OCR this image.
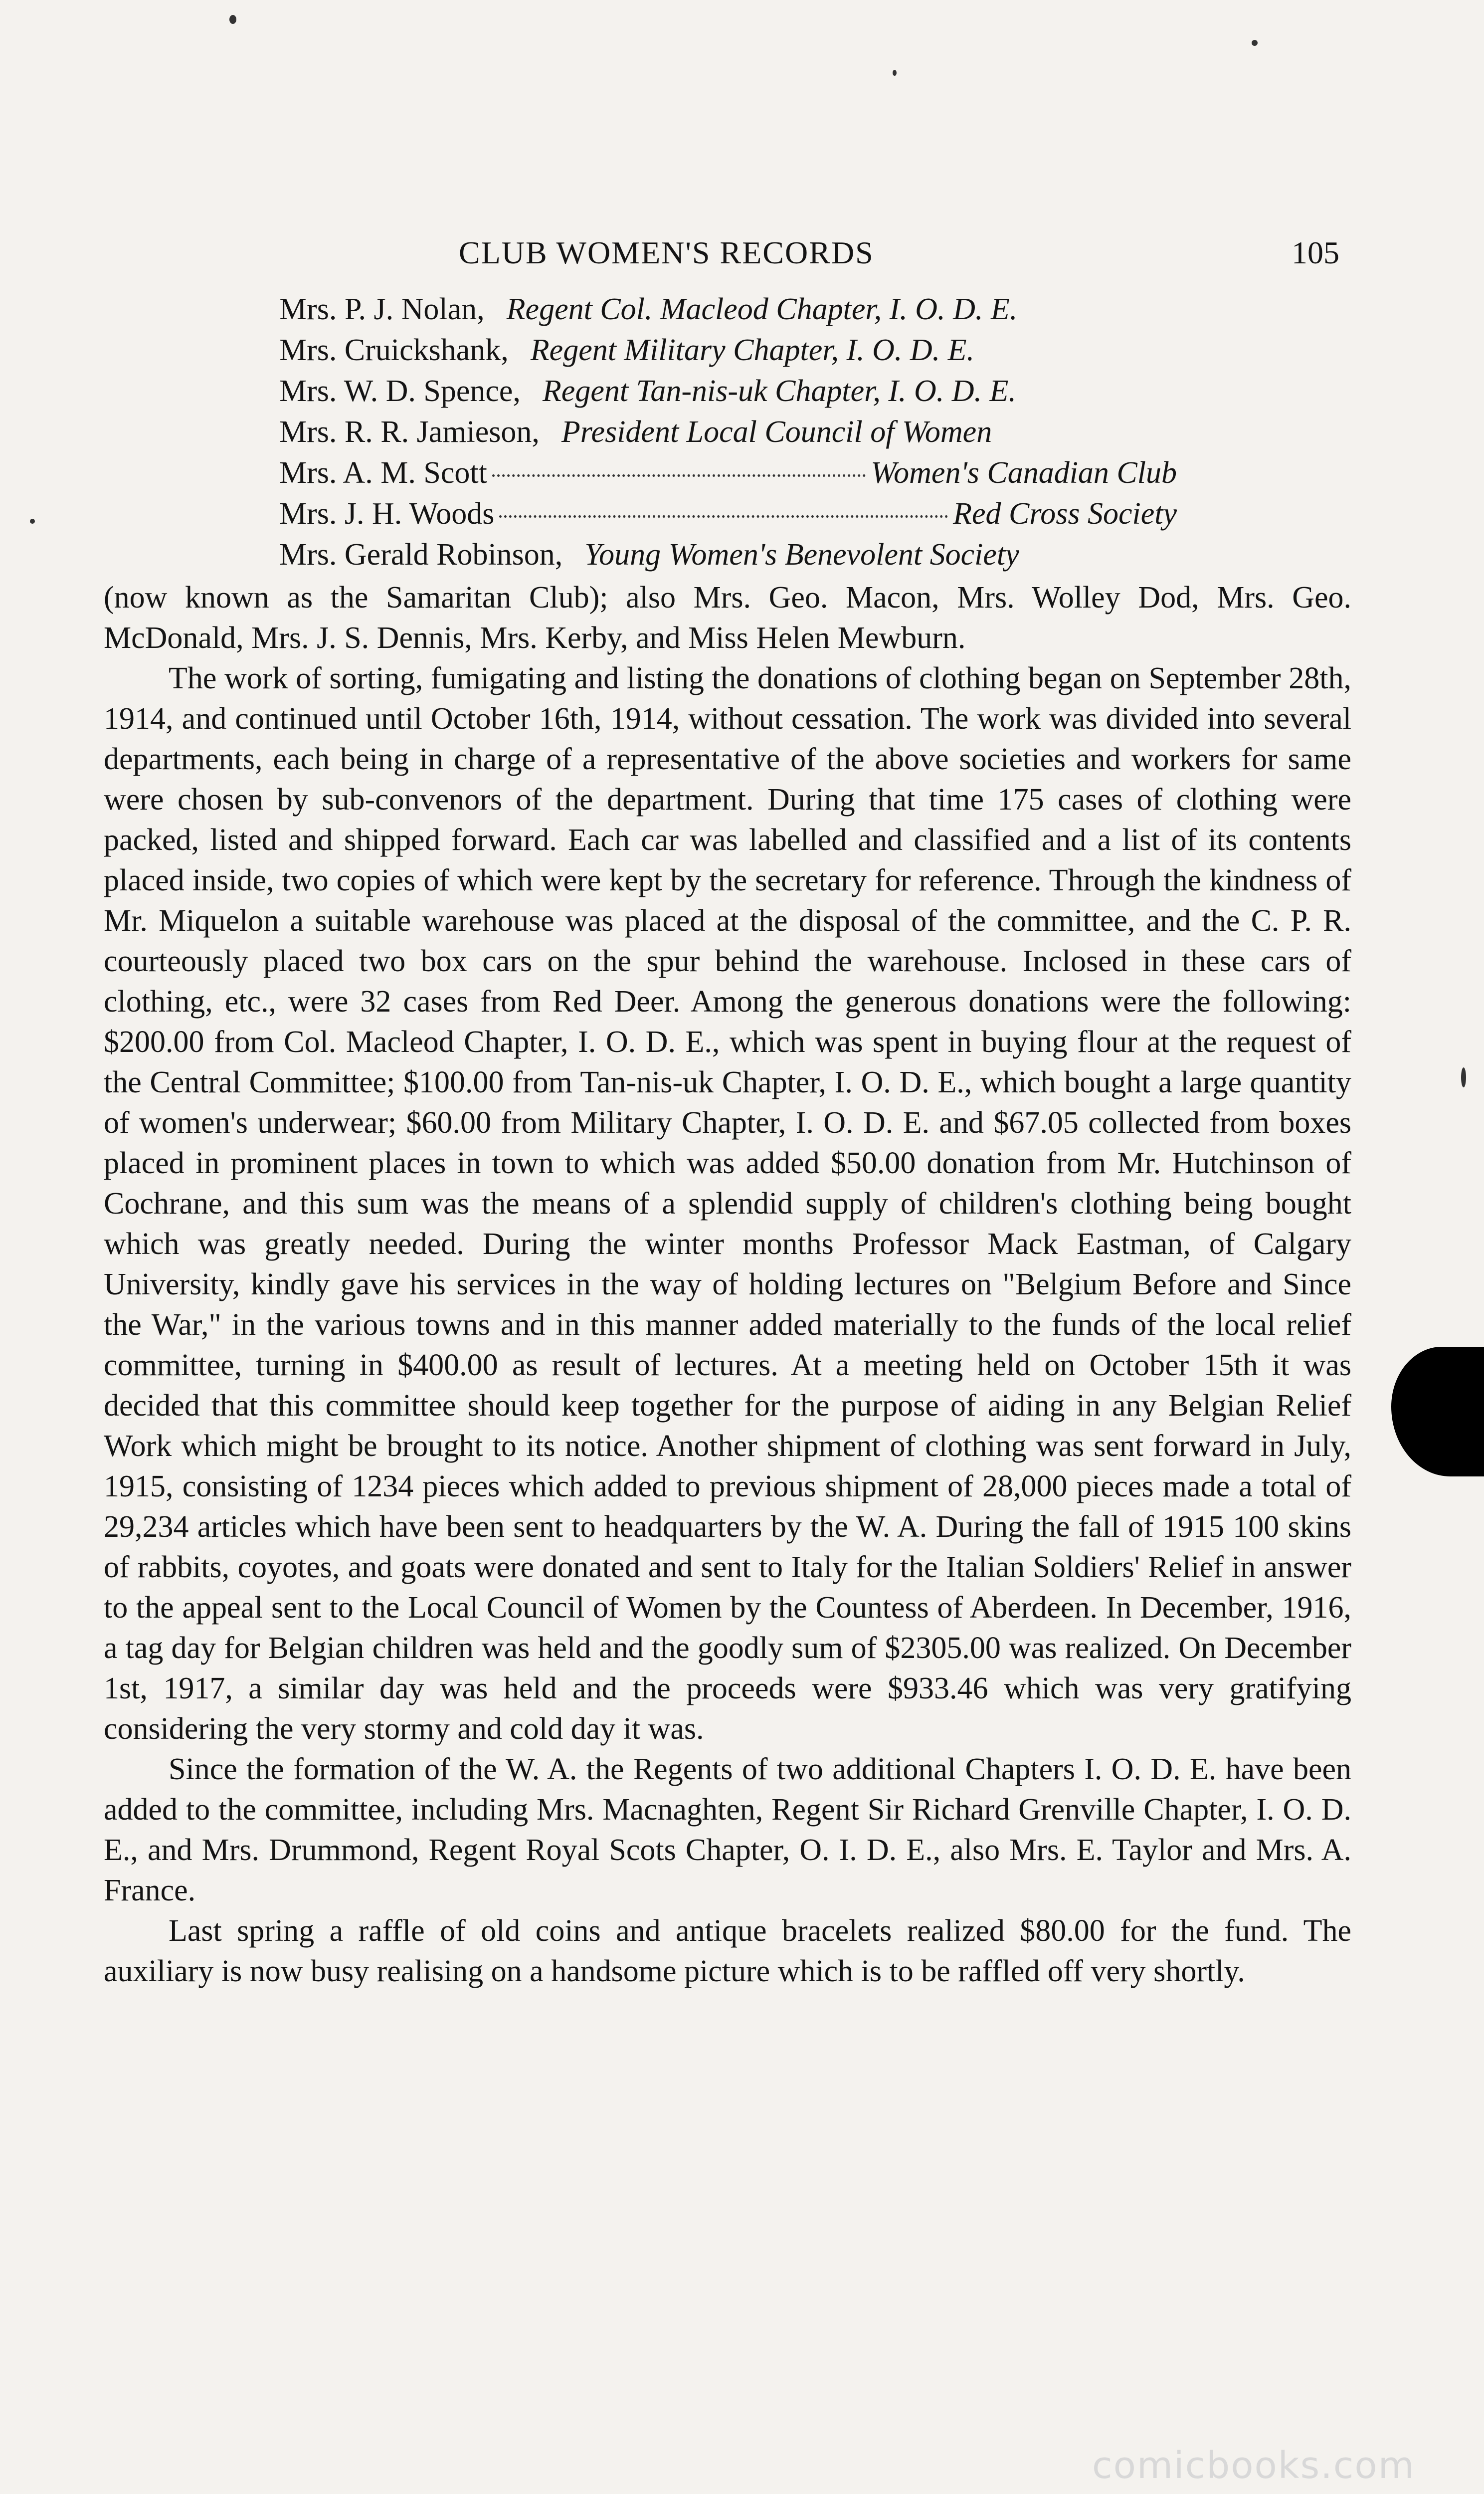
CLUB WOMEN'S RECORDS	105
Mrs. P. J. Nolan, Regent Col. Macleod Chapter, I. O. D. E.
Mrs. Cruickshank, Regent Military Chapter, I. O. D. E.
Mrs. W. D. Spence, Regent Tan-nis-uk Chapter, I. O. D. E.
Mrs. R. R. Jamieson, President Local Council of Women
Mrs. A. M. Scott	Women's Canadian Club
Mrs. J. H. Woods	Red Cross Society
Mrs. Gerald Robinson, Young Women's Benevolent Society

(now known as the Samaritan Club); also Mrs. Geo. Macon, Mrs. Wolley Dod, Mrs. Geo. McDonald, Mrs. J. S. Dennis, Mrs. Kerby, and Miss Helen Mewburn.

The work of sorting, fumigating and listing the donations of clothing began on September 28th, 1914, and continued until October 16th, 1914, without cessation. The work was divided into several departments, each being in charge of a representative of the above societies and workers for same were chosen by sub-convenors of the department. During that time 175 cases of clothing were packed, listed and shipped forward. Each car was labelled and classified and a list of its contents placed inside, two copies of which were kept by the secretary for reference. Through the kindness of Mr. Miquelon a suitable warehouse was placed at the disposal of the committee, and the C. P. R. courteously placed two box cars on the spur behind the warehouse. Inclosed in these cars of clothing, etc., were 32 cases from Red Deer. Among the generous donations were the following: $200.00 from Col. Macleod Chapter, I. O. D. E., which was spent in buying flour at the request of the Central Committee; $100.00 from Tan-nis-uk Chapter, I. O. D. E., which bought a large quantity of women's underwear; $60.00 from Military Chapter, I. O. D. E. and $67.05 collected from boxes placed in prominent places in town to which was added $50.00 donation from Mr. Hutchinson of Cochrane, and this sum was the means of a splendid supply of children's clothing being bought which was greatly needed. During the winter months Professor Mack Eastman, of Calgary University, kindly gave his services in the way of holding lectures on "Belgium Before and Since the War," in the various towns and in this manner added materially to the funds of the local relief committee, turning in $400.00 as result of lectures. At a meeting held on October 15th it was decided that this committee should keep together for the purpose of aiding in any Belgian Relief Work which might be brought to its notice. Another shipment of clothing was sent forward in July, 1915, consisting of 1234 pieces which added to previous shipment of 28,000 pieces made a total of 29,234 articles which have been sent to headquarters by the W. A. During the fall of 1915 100 skins of rabbits, coyotes, and goats were donated and sent to Italy for the Italian Soldiers' Relief in answer to the appeal sent to the Local Council of Women by the Countess of Aberdeen. In December, 1916, a tag day for Belgian children was held and the goodly sum of $2305.00 was realized. On December 1st, 1917, a similar day was held and the proceeds were $933.46 which was very gratifying considering the very stormy and cold day it was.

Since the formation of the W. A. the Regents of two additional Chapters I. O. D. E. have been added to the committee, including Mrs. Macnaghten, Regent Sir Richard Grenville Chapter, I. O. D. E., and Mrs. Drummond, Regent Royal Scots Chapter, O. I. D. E., also Mrs. E. Taylor and Mrs. A. France.

Last spring a raffle of old coins and antique bracelets realized $80.00 for the fund. The auxiliary is now busy realising on a handsome picture which is to be raffled off very shortly.

comicbooks.com
